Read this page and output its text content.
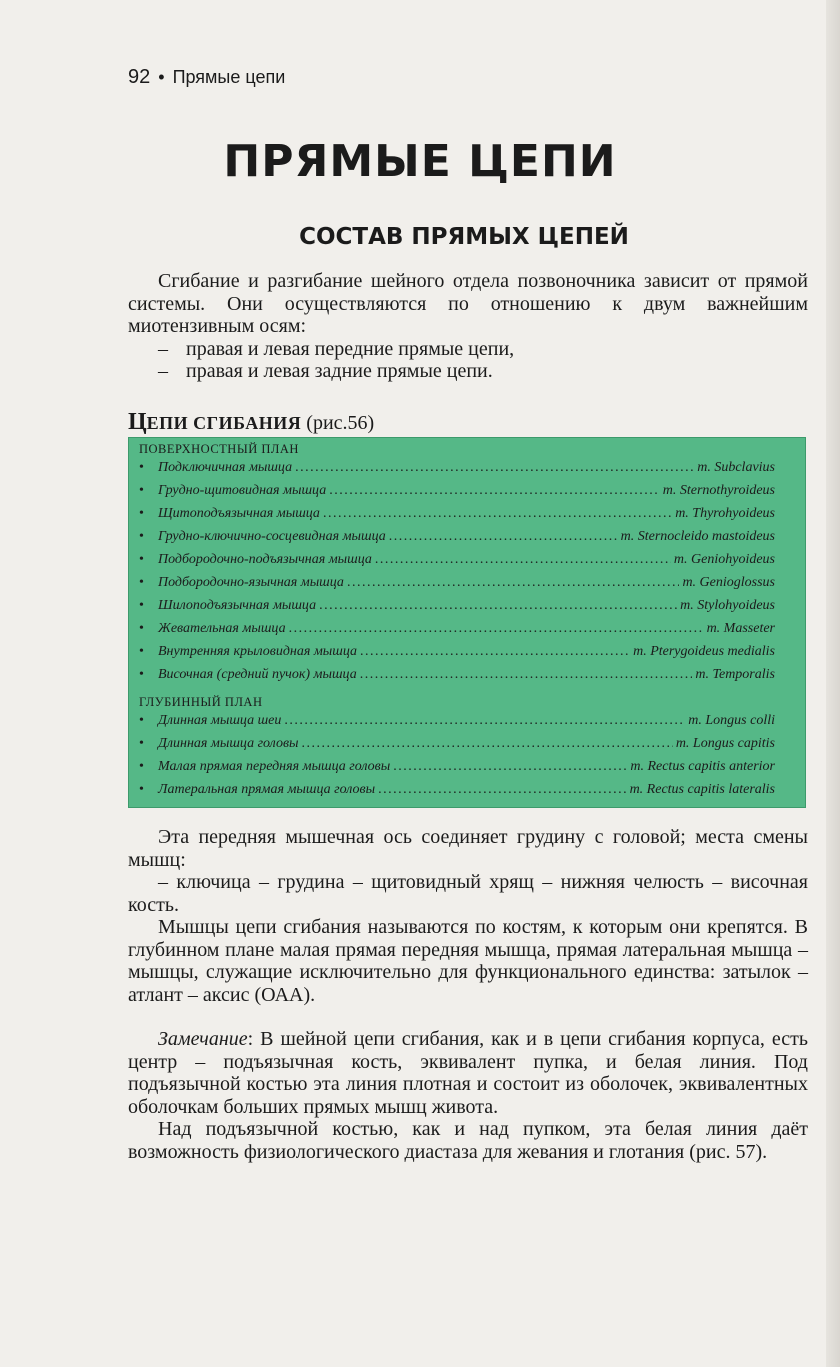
92 • Прямые цепи
ПРЯМЫЕ ЦЕПИ
СОСТАВ ПРЯМЫХ ЦЕПЕЙ

Сгибание и разгибание шейного отдела позвоночника зависит от прямой системы. Они осуществляются по отношению к двум важнейшим миотензивным осям:

– правая и левая передние прямые цепи,

– правая и левая задние прямые цепи.

ЦЕПИ СГИБАНИЯ (рис.56)
ПОВЕРХНОСТНЫЙ ПЛАН
ГЛУБИННЫЙ ПЛАН
•	Подключичная мышца .....	m. Subclavius
•	Грудно-щитовидная мышца .....	m. Sternothyroideus
•	Щитоподъязычная мышца .....	m. Thyrohyoideus
•	Грудно-ключично-сосцевидная мышца .....	m. Sternocleido mastoideus
•	Подбородочно-подъязычная мышца .....	m. Geniohyoideus
•	Подбородочно-язычная мышца .....	m. Genioglossus
•	Шилоподъязычная мышца .....	m. Stylohyoideus
•	Жевательная мышца .....	m. Masseter
•	Внутренняя крыловидная мышца .....	m. Pterygoideus medialis
•	Височная (средний пучок) мышца .....	m. Temporalis
•	Длинная мышца шеи .....	m. Longus colli
•	Длинная мышца головы .....	m. Longus capitis
•	Малая прямая передняя мышца головы .....	m. Rectus capitis anterior
•	Латеральная прямая мышца головы .....	m. Rectus capitis lateralis

Эта передняя мышечная ось соединяет грудину с головой; места смены мышц:

– ключица – грудина – щитовидный хрящ – нижняя челюсть – височная кость.

Мышцы цепи сгибания называются по костям, к которым они крепятся. В глубинном плане малая прямая передняя мышца, прямая латеральная мышца – мышцы, служащие исключительно для функционального единства: затылок – атлант – аксис (ОАА).

Замечание: В шейной цепи сгибания, как и в цепи сгибания корпуса, есть центр – подъязычная кость, эквивалент пупка, и белая линия. Под подъязычной костью эта линия плотная и состоит из оболочек, эквивалентных оболочкам больших прямых мышц живота.

Над подъязычной костью, как и над пупком, эта белая линия даёт возможность физиологического диастаза для жевания и глотания (рис. 57).
